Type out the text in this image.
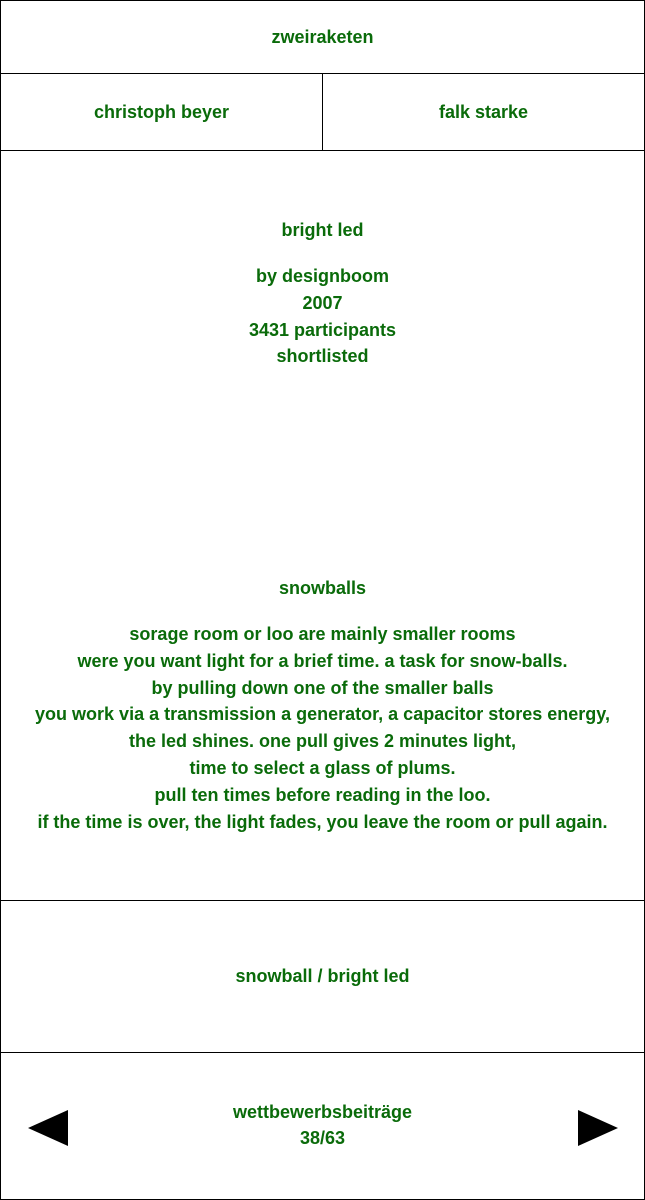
zweiraketen
christoph beyer	falk starke
bright led
by designboom
2007
3431 participants
shortlisted
snowballs
sorage room or loo are mainly smaller rooms
were you want light for a brief time. a task for snow-balls.
by pulling down one of the smaller balls
you work via a transmission a generator, a capacitor stores energy,
the led shines. one pull gives 2 minutes light,
time to select a glass of plums.
pull ten times before reading in the loo.
if the time is over, the light fades, you leave the room or pull again.
snowball / bright led
wettbewerbsbeiträge
38/63
